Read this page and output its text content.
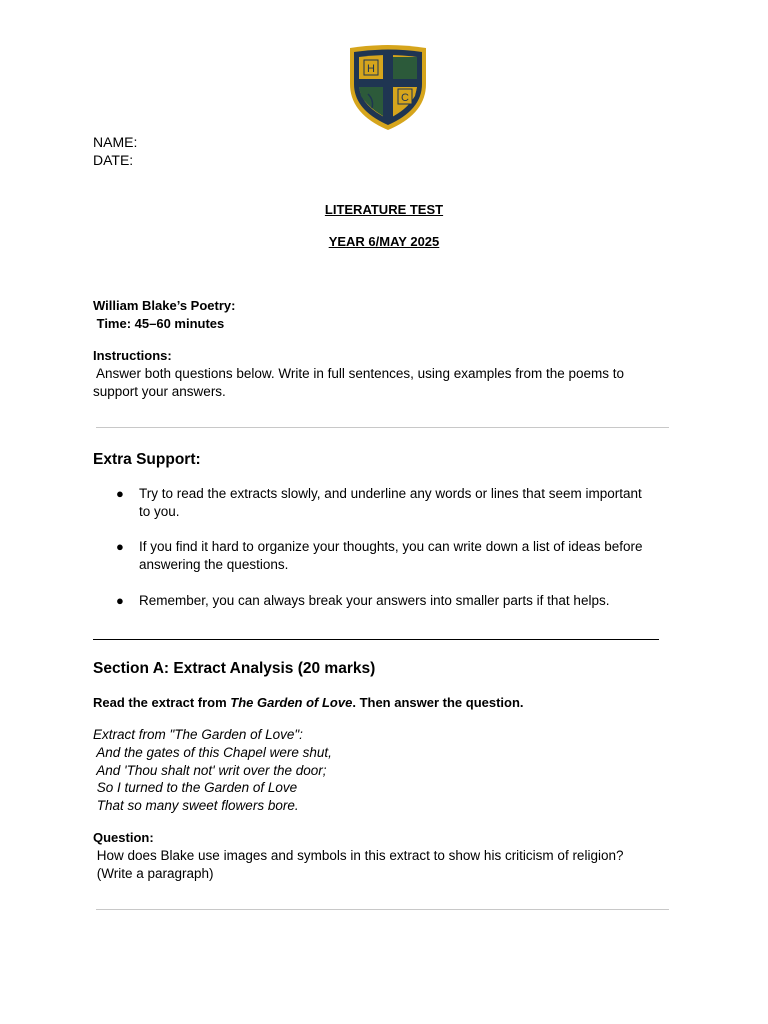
H
C
NAME:
DATE:
LITERATURE TEST
YEAR 6/MAY 2025
William Blake’s Poetry:
Time: 45–60 minutes
Instructions:
Answer both questions below. Write in full sentences, using examples from the poems to
support your answers.
Extra Support:
● Try to read the extracts slowly, and underline any words or lines that seem important
to you.
● If you find it hard to organize your thoughts, you can write down a list of ideas before
answering the questions.
● Remember, you can always break your answers into smaller parts if that helps.
Section A: Extract Analysis (20 marks)
Read the extract from The Garden of Love. Then answer the question.
Extract from "The Garden of Love":
And the gates of this Chapel were shut,
And 'Thou shalt not' writ over the door;
So I turned to the Garden of Love
That so many sweet flowers bore.
Question:
How does Blake use images and symbols in this extract to show his criticism of religion?
(Write a paragraph)
